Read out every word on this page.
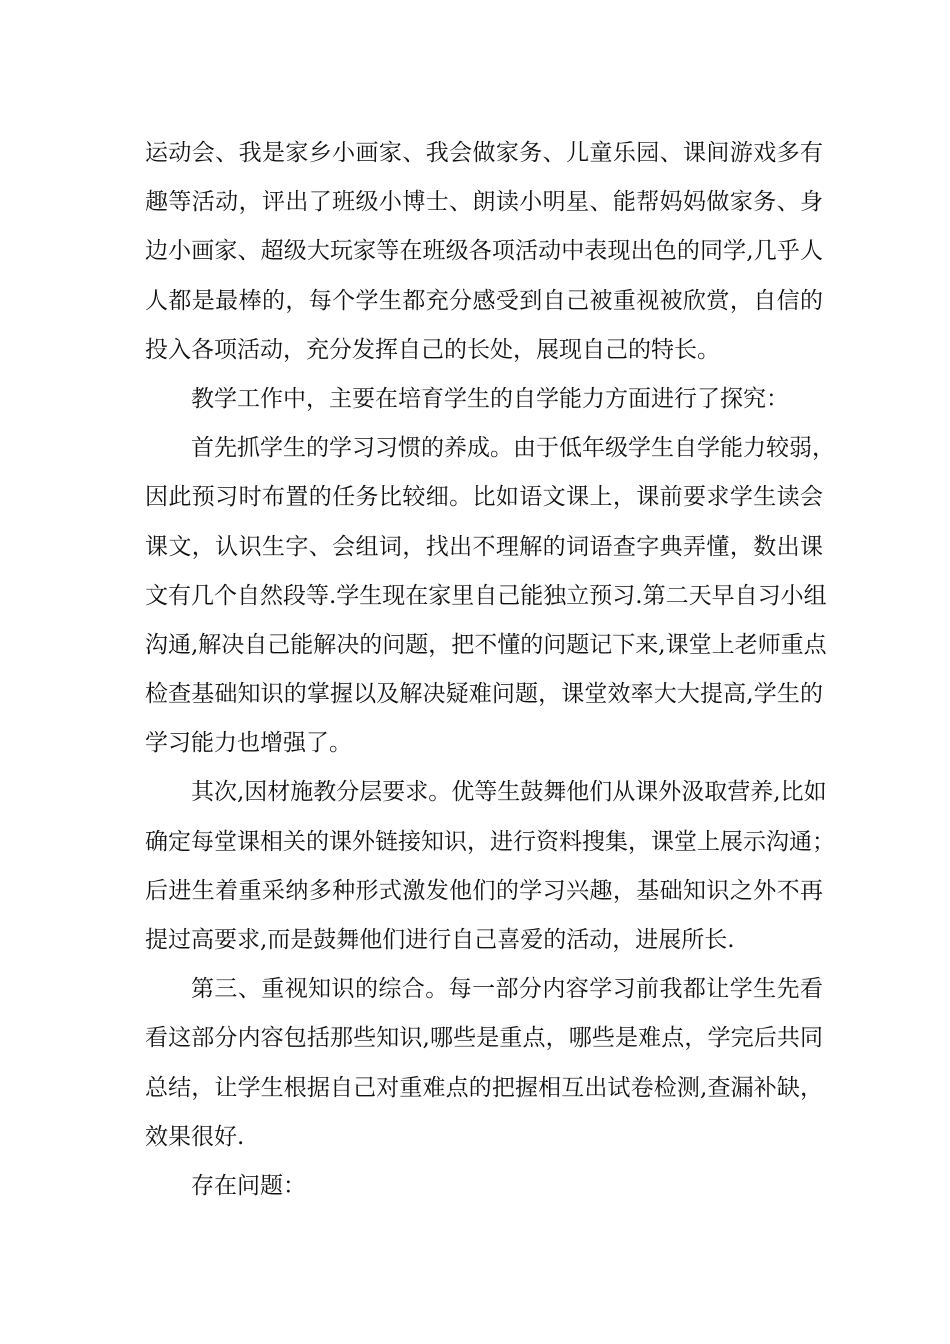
运动会、我是家乡小画家、我会做家务、儿童乐园、课间游戏多有
趣等活动，评出了班级小博士、朗读小明星、能帮妈妈做家务、身
边小画家、超级大玩家等在班级各项活动中表现出色的同学,几乎人
人都是最棒的，每个学生都充分感受到自己被重视被欣赏，自信的
投入各项活动，充分发挥自己的长处，展现自己的特长。
教学工作中，主要在培育学生的自学能力方面进行了探究：
首先抓学生的学习习惯的养成。由于低年级学生自学能力较弱，
因此预习时布置的任务比较细。比如语文课上，课前要求学生读会
课文，认识生字、会组词，找出不理解的词语查字典弄懂，数出课
文有几个自然段等.学生现在家里自己能独立预习.第二天早自习小组
沟通,解决自己能解决的问题，把不懂的问题记下来,课堂上老师重点
检查基础知识的掌握以及解决疑难问题，课堂效率大大提高,学生的
学习能力也增强了。
其次,因材施教分层要求。优等生鼓舞他们从课外汲取营养,比如
确定每堂课相关的课外链接知识，进行资料搜集，课堂上展示沟通；
后进生着重采纳多种形式激发他们的学习兴趣，基础知识之外不再
提过高要求,而是鼓舞他们进行自己喜爱的活动，进展所长.
第三、重视知识的综合。每一部分内容学习前我都让学生先看
看这部分内容包括那些知识,哪些是重点，哪些是难点，学完后共同
总结，让学生根据自己对重难点的把握相互出试卷检测,查漏补缺，
效果很好.
存在问题：
